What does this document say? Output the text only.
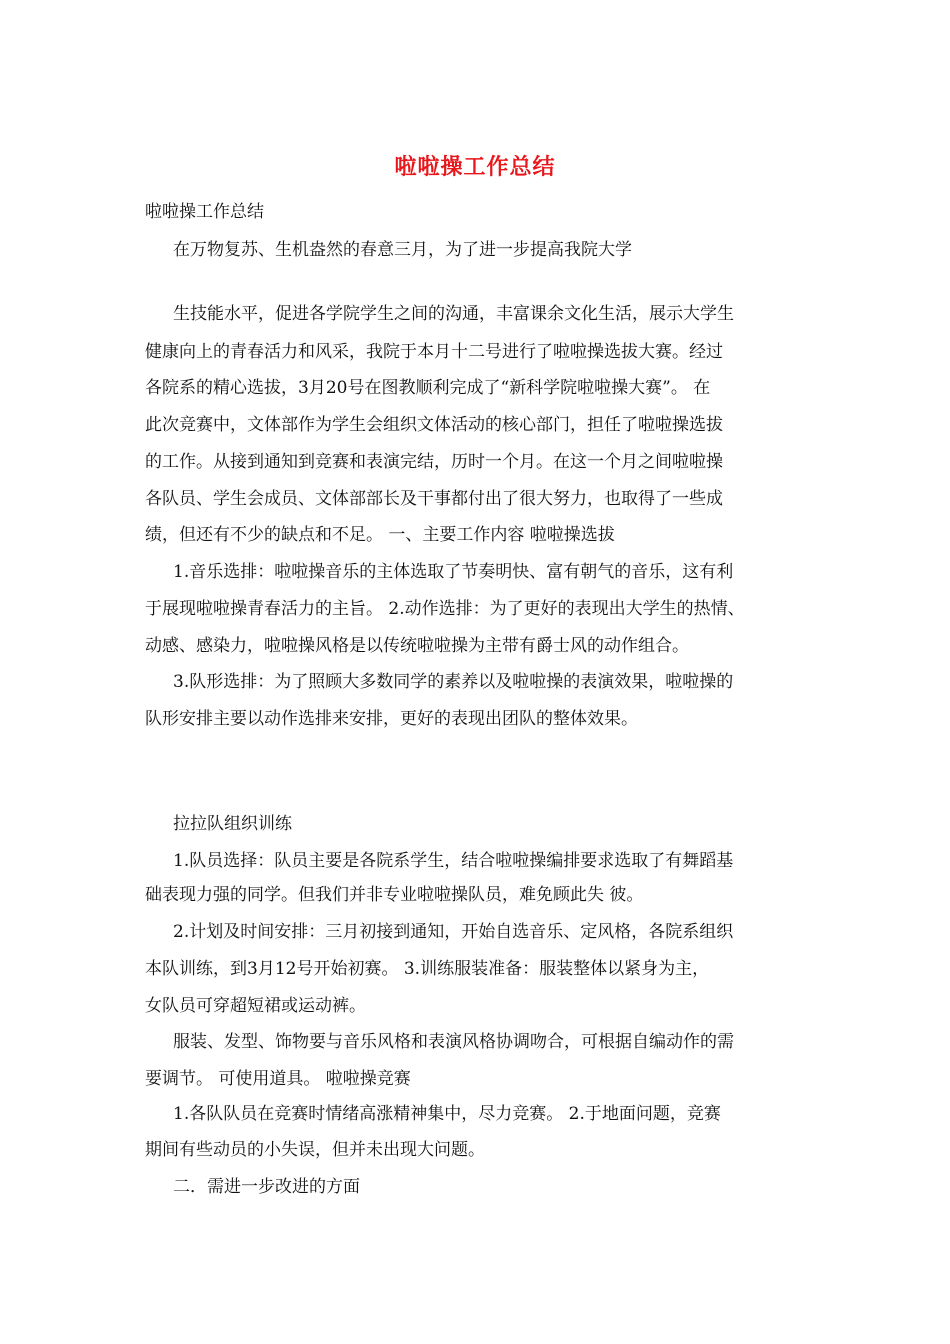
啦啦操工作总结

啦啦操工作总结

在万物复苏、生机盎然的春意三月，为了进一步提高我院大学

生技能水平，促进各学院学生之间的沟通，丰富课余文化生活，展示大学生

健康向上的青春活力和风采，我院于本月十二号进行了啦啦操选拔大赛。经过

各院系的精心选拔，3月20号在图教顺利完成了“新科学院啦啦操大赛”。 在

此次竞赛中，文体部作为学生会组织文体活动的核心部门，担任了啦啦操选拔

的工作。从接到通知到竞赛和表演完结，历时一个月。在这一个月之间啦啦操

各队员、学生会成员、文体部部长及干事都付出了很大努力，也取得了一些成

绩，但还有不少的缺点和不足。 一、主要工作内容 啦啦操选拔

1.音乐选排：啦啦操音乐的主体选取了节奏明快、富有朝气的音乐，这有利

于展现啦啦操青春活力的主旨。 2.动作选排：为了更好的表现出大学生的热情、

动感、感染力，啦啦操风格是以传统啦啦操为主带有爵士风的动作组合。

3.队形选排：为了照顾大多数同学的素养以及啦啦操的表演效果，啦啦操的

队形安排主要以动作选排来安排，更好的表现出团队的整体效果。

拉拉队组织训练

1.队员选择：队员主要是各院系学生，结合啦啦操编排要求选取了有舞蹈基

础表现力强的同学。但我们并非专业啦啦操队员，难免顾此失 彼。

2.计划及时间安排：三月初接到通知，开始自选音乐、定风格，各院系组织

本队训练，到3月12号开始初赛。 3.训练服装准备：服装整体以紧身为主，

女队员可穿超短裙或运动裤。

服装、发型、饰物要与音乐风格和表演风格协调吻合，可根据自编动作的需

要调节。 可使用道具。 啦啦操竞赛

1.各队队员在竞赛时情绪高涨精神集中，尽力竞赛。 2.于地面问题，竞赛

期间有些动员的小失误，但并未出现大问题。

二．需进一步改进的方面
